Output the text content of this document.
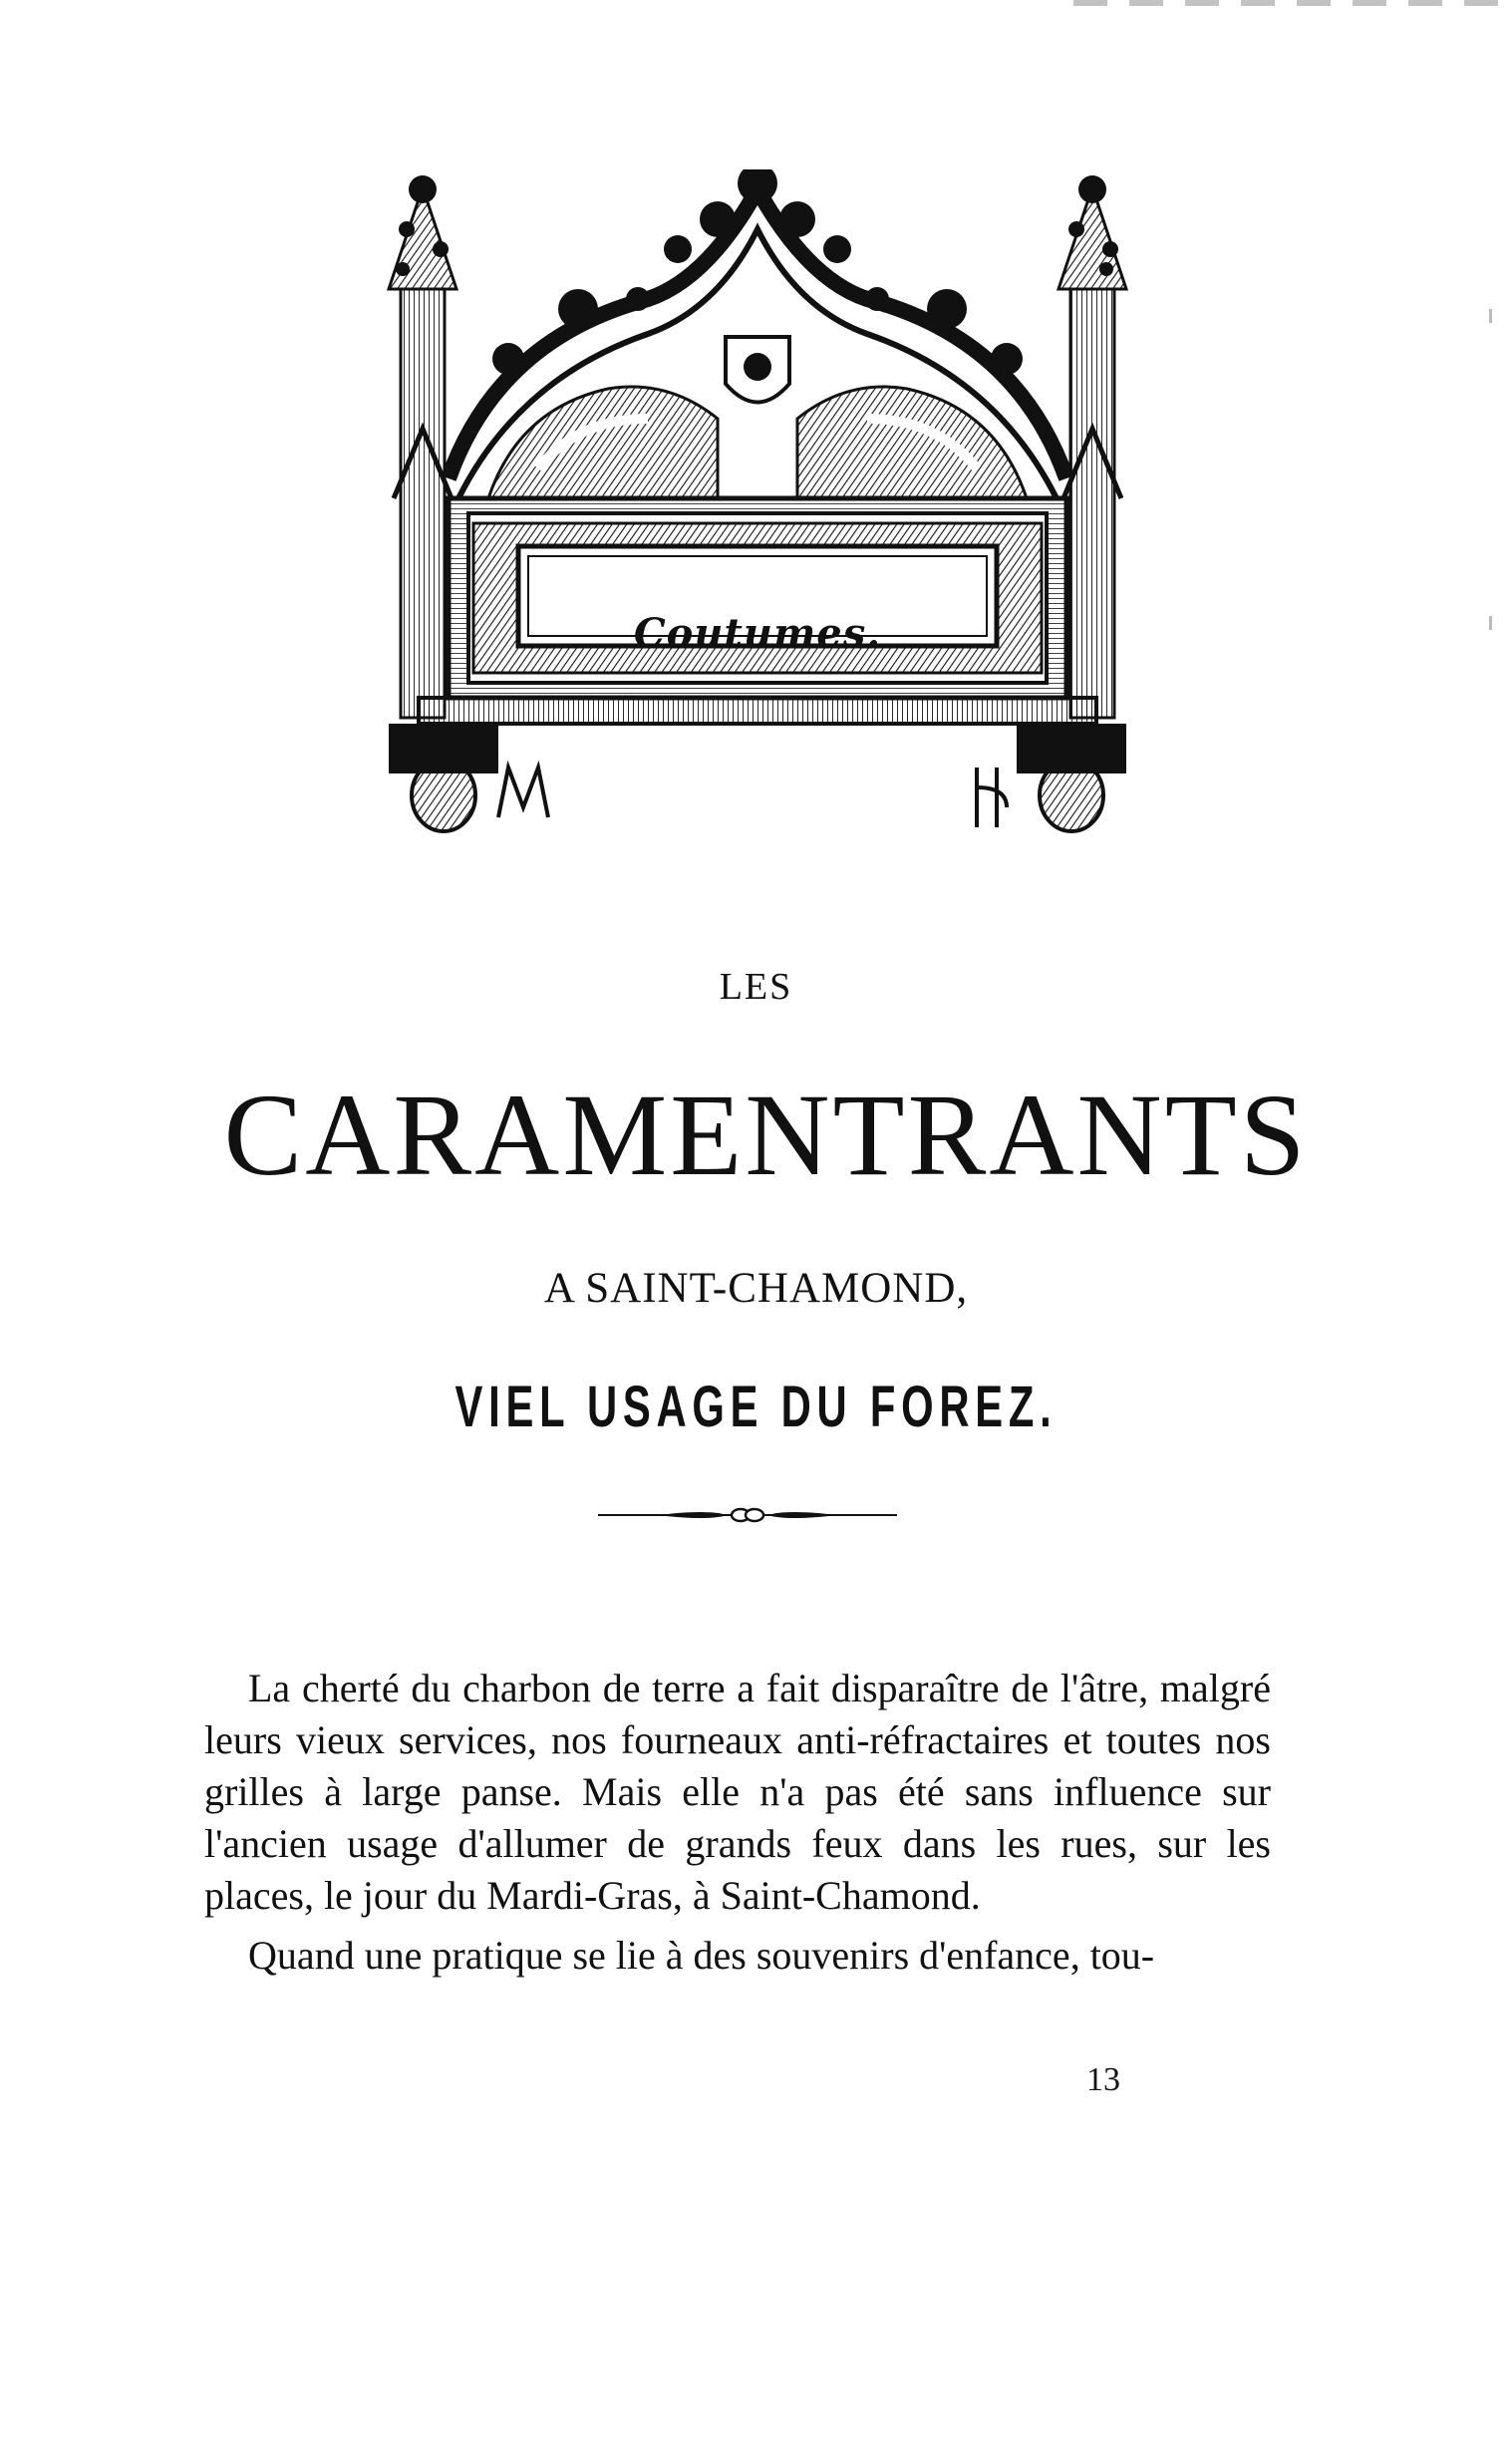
Coutumes.
LES
CARAMENTRANTS
A SAINT-CHAMOND,
VIEL USAGE DU FOREZ.

La cherté du charbon de terre a fait disparaître de l'âtre, malgré leurs vieux services, nos fourneaux anti-réfractaires et toutes nos grilles à large panse. Mais elle n'a pas été sans influence sur l'ancien usage d'allumer de grands feux dans les rues, sur les places, le jour du Mardi-Gras, à Saint-Chamond.

Quand une pratique se lie à des souvenirs d'enfance, tou-

13
